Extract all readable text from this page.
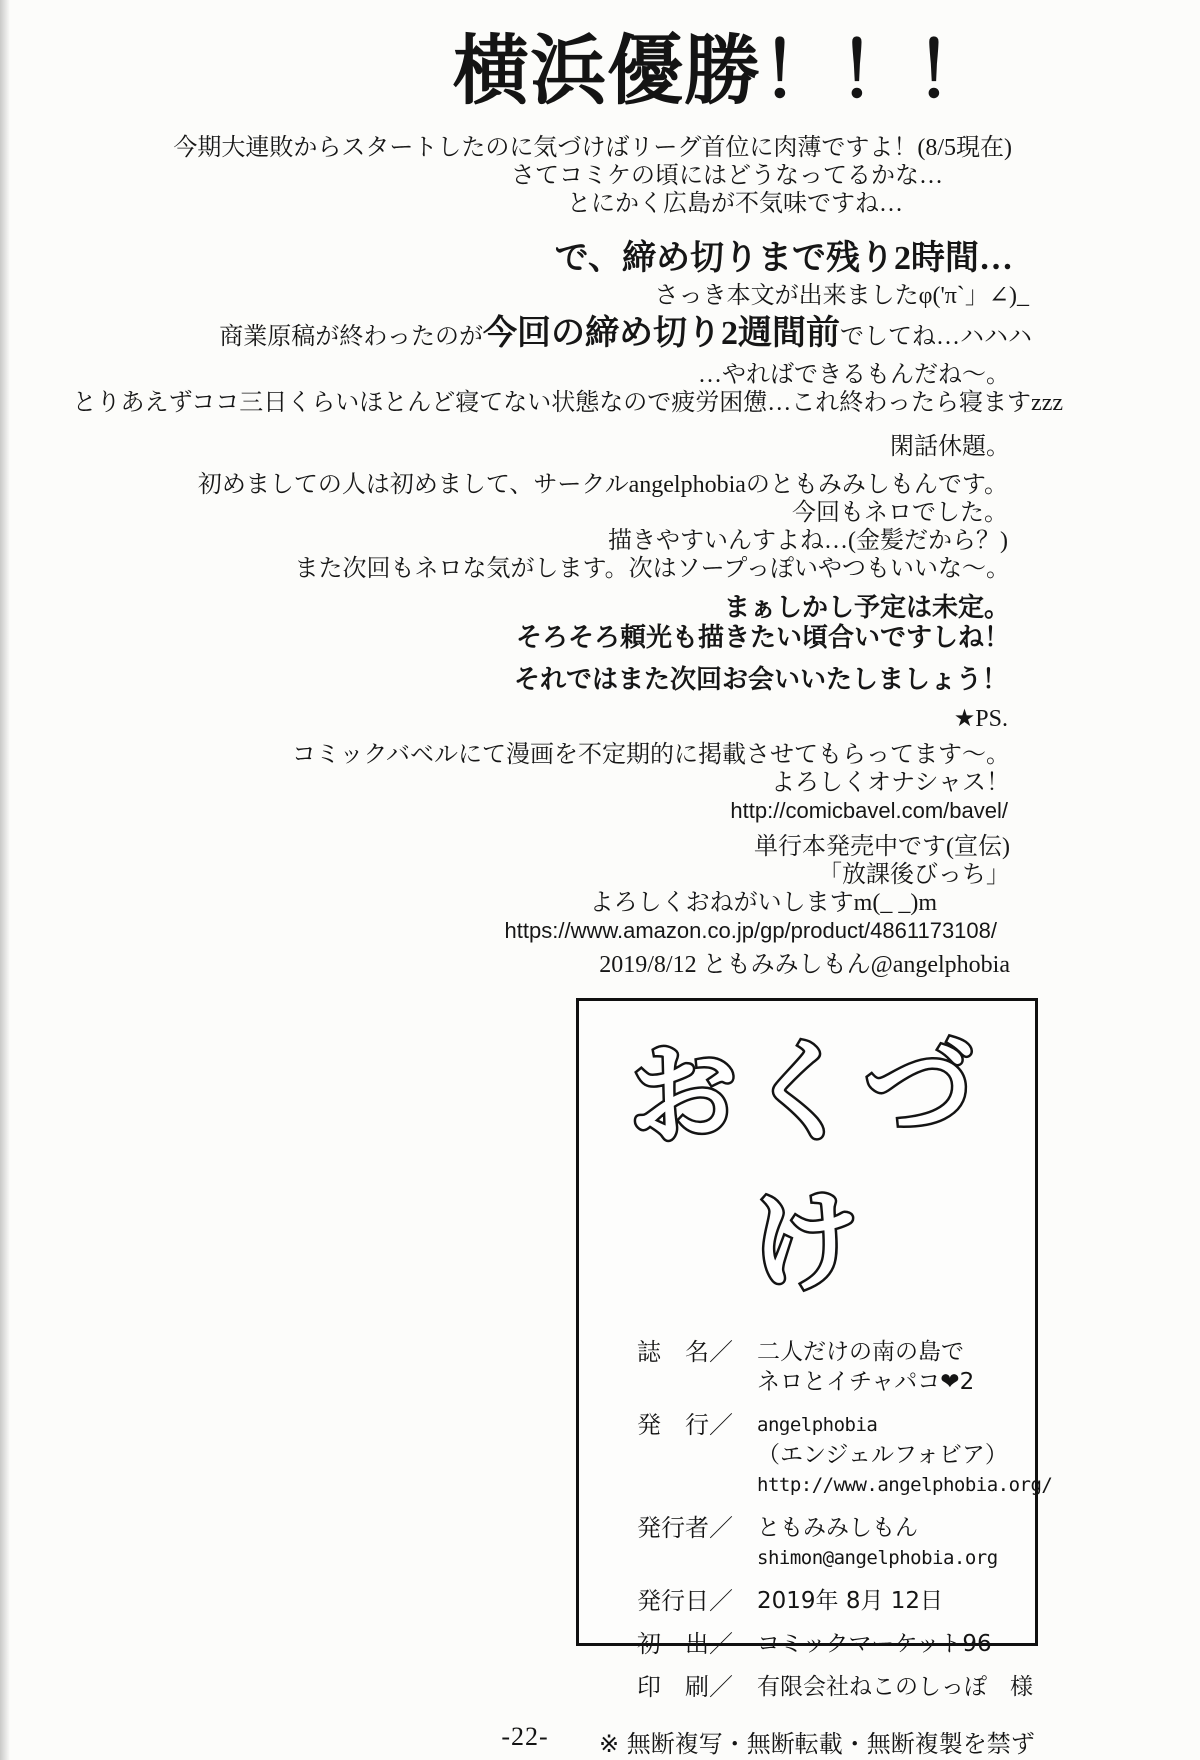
横浜優勝！！！
今期大連敗からスタートしたのに気づけばリーグ首位に肉薄ですよ！(8/5現在)
さてコミケの頃にはどうなってるかな…
とにかく広島が不気味ですね…
で、締め切りまで残り2時間…
さっき本文が出来ましたφ('π`」∠)_
商業原稿が終わったのが今回の締め切り2週間前でしてね…ハハハ
…やればできるもんだね〜。
とりあえずココ三日くらいほとんど寝てない状態なので疲労困憊…これ終わったら寝ますzzz
閑話休題。
初めましての人は初めまして、サークルangelphobiaのともみみしもんです。
今回もネロでした。
描きやすいんすよね…(金髪だから？)
また次回もネロな気がします。次はソープっぽいやつもいいな〜。
まぁしかし予定は未定。
そろそろ頼光も描きたい頃合いですしね！
それではまた次回お会いいたしましょう！
★PS.
コミックバベルにて漫画を不定期的に掲載させてもらってます〜。
よろしくオナシャス！
http://comicbavel.com/bavel/
単行本発売中です(宣伝)
「放課後びっち」
よろしくおねがいしますm(_ _)m
https://www.amazon.co.jp/gp/product/4861173108/
2019/8/12 ともみみしもん@angelphobia
おくづけ
誌　名／	二人だけの南の島で
ネロとイチャパコ❤2
発　行／	angelphobia
（エンジェルフォビア）
http://www.angelphobia.org/
発行者／	ともみみしもん
shimon@angelphobia.org
発行日／	2019年 8月 12日
初　出／	コミックマーケット96
印　刷／	有限会社ねこのしっぽ　様
※ 無断複写・無断転載・無断複製を禁ず
-22-
